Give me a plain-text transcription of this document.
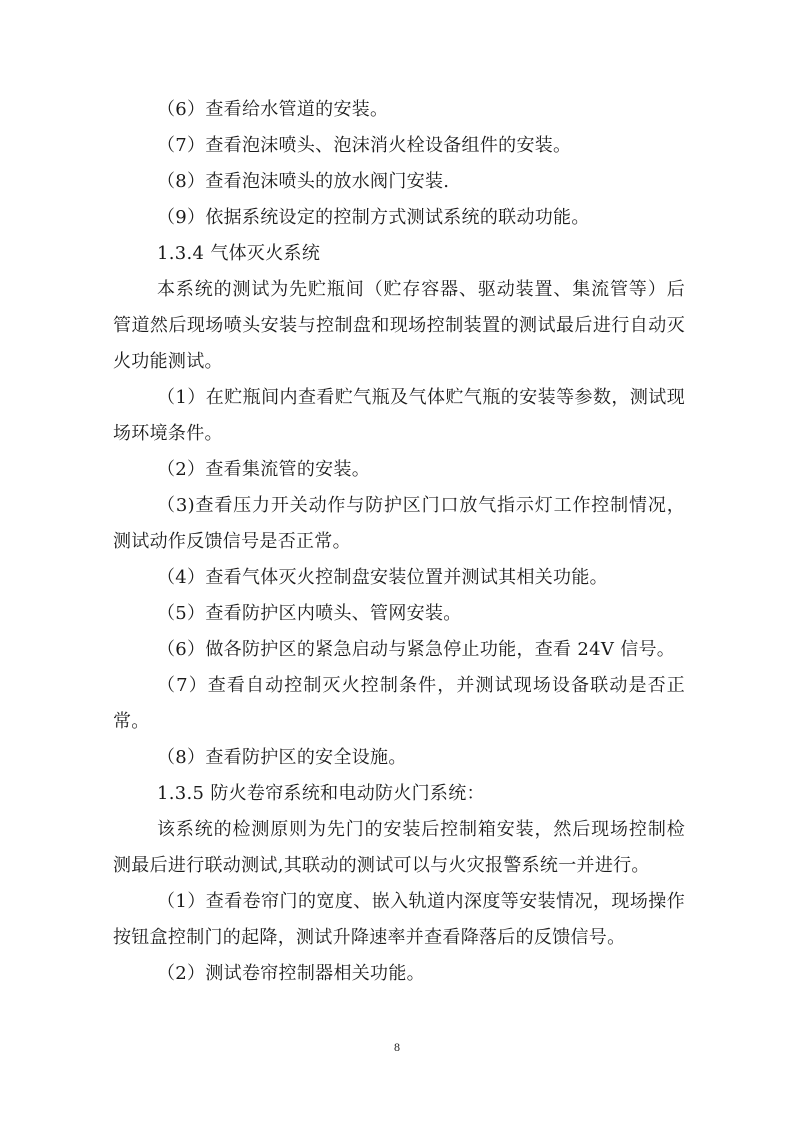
（6）查看给水管道的安装。

（7）查看泡沫喷头、泡沫消火栓设备组件的安装。

（8）查看泡沫喷头的放水阀门安装.

（9）依据系统设定的控制方式测试系统的联动功能。

1.3.4 气体灭火系统

本系统的测试为先贮瓶间（贮存容器、驱动装置、集流管等）后管道然后现场喷头安装与控制盘和现场控制装置的测试最后进行自动灭火功能测试。

（1）在贮瓶间内查看贮气瓶及气体贮气瓶的安装等参数，测试现场环境条件。

（2）查看集流管的安装。

（3)查看压力开关动作与防护区门口放气指示灯工作控制情况，测试动作反馈信号是否正常。

（4）查看气体灭火控制盘安装位置并测试其相关功能。

（5）查看防护区内喷头、管网安装。

（6）做各防护区的紧急启动与紧急停止功能，查看 24V 信号。

（7）查看自动控制灭火控制条件，并测试现场设备联动是否正常。

（8）查看防护区的安全设施。

1.3.5 防火卷帘系统和电动防火门系统：

该系统的检测原则为先门的安装后控制箱安装，然后现场控制检测最后进行联动测试,其联动的测试可以与火灾报警系统一并进行。

（1）查看卷帘门的宽度、嵌入轨道内深度等安装情况，现场操作按钮盒控制门的起降，测试升降速率并查看降落后的反馈信号。

（2）测试卷帘控制器相关功能。

8
